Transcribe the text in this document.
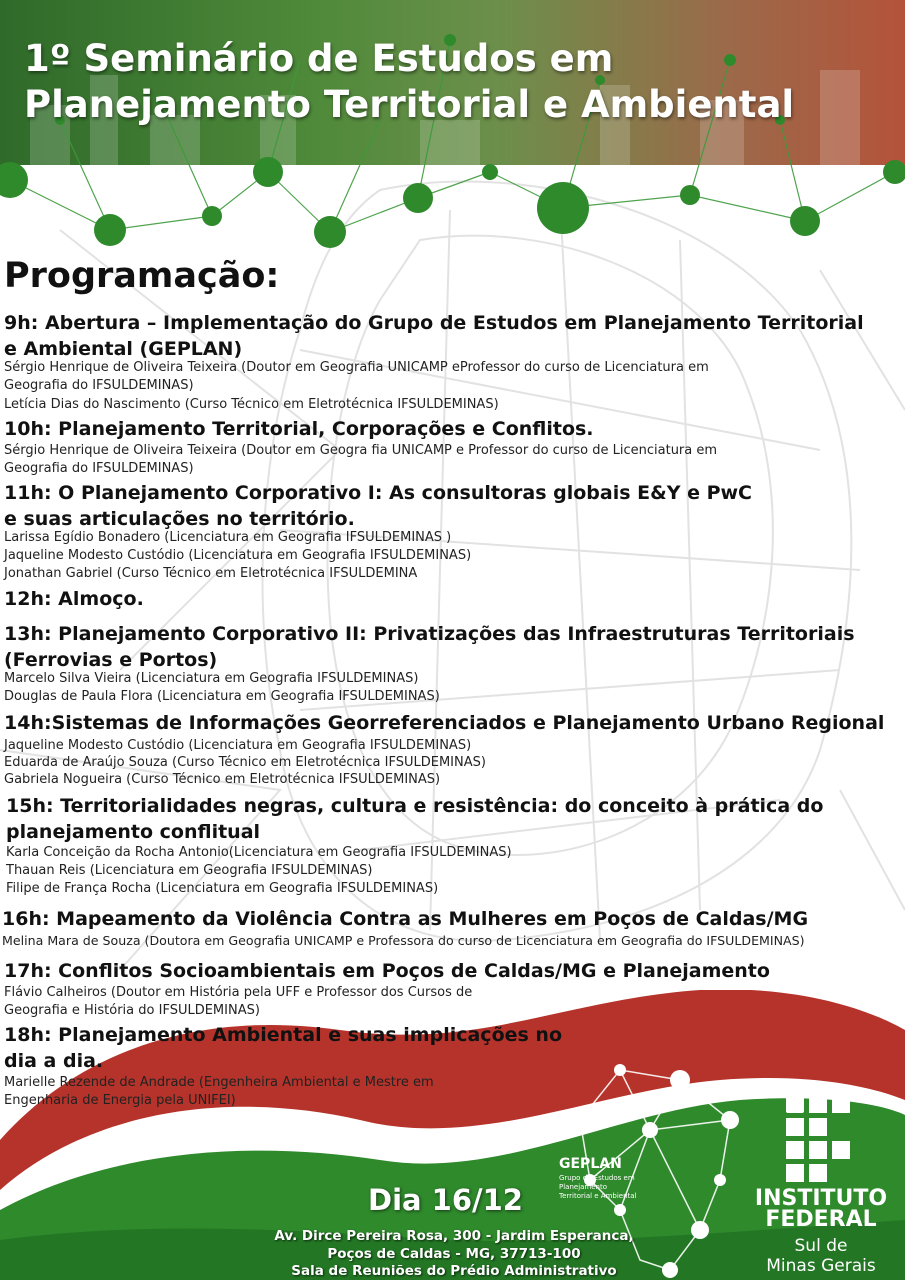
1º Seminário de Estudos em Planejamento Territorial e Ambiental
Programação:

9h: Abertura – Implementação do Grupo de Estudos em Planejamento Territorial e Ambiental (GEPLAN)

Sérgio Henrique de Oliveira Teixeira (Doutor em Geografia UNICAMP eProfessor do curso de Licenciatura em Geografia do IFSULDEMINAS)

Letícia Dias do Nascimento (Curso Técnico em Eletrotécnica IFSULDEMINAS)

10h: Planejamento Territorial, Corporações e Conflitos.

Sérgio Henrique de Oliveira Teixeira (Doutor em Geogra fia UNICAMP e Professor do curso de Licenciatura em Geografia do IFSULDEMINAS)

11h: O Planejamento Corporativo I: As consultoras globais E&Y e PwC e suas articulações no território.

Larissa Egídio Bonadero (Licenciatura em Geografia IFSULDEMINAS )

Jaqueline Modesto Custódio (Licenciatura em Geografia IFSULDEMINAS)

Jonathan Gabriel (Curso Técnico em Eletrotécnica IFSULDEMINA

12h: Almoço.

13h: Planejamento Corporativo II: Privatizações das Infraestruturas Territoriais (Ferrovias e Portos)

Marcelo Silva Vieira (Licenciatura em Geografia IFSULDEMINAS)

Douglas de Paula Flora (Licenciatura em Geografia IFSULDEMINAS)

14h:Sistemas de Informações Georreferenciados e Planejamento Urbano Regional

Jaqueline Modesto Custódio (Licenciatura em Geografia IFSULDEMINAS)

Eduarda de Araújo Souza (Curso Técnico em Eletrotécnica IFSULDEMINAS)

Gabriela Nogueira (Curso Técnico em Eletrotécnica IFSULDEMINAS)

15h: Territorialidades negras, cultura e resistência: do conceito à prática do planejamento conflitual

Karla Conceição da Rocha Antonio(Licenciatura em Geografia IFSULDEMINAS)

Thauan Reis (Licenciatura em Geografia IFSULDEMINAS)

Filipe de França Rocha (Licenciatura em Geografia IFSULDEMINAS)

16h: Mapeamento da Violência Contra as Mulheres em Poços de Caldas/MG

Melina Mara de Souza (Doutora em Geografia UNICAMP e Professora do curso de Licenciatura em Geografia do IFSULDEMINAS)

17h: Conflitos Socioambientais em Poços de Caldas/MG e Planejamento

Flávio Calheiros (Doutor em História pela UFF e Professor dos Cursos de Geografia e História do IFSULDEMINAS)

18h: Planejamento Ambiental e suas implicações no dia a dia.

Marielle Rezende de Andrade (Engenheira Ambiental e Mestre em Engenharia de Energia pela UNIFEI)

GEPLAN
Grupo de Estudos em Planejamento Territorial e Ambiental
Dia 16/12
Av. Dirce Pereira Rosa, 300 - Jardim Esperanca,
Poços de Caldas - MG, 37713-100
Sala de Reuniões do Prédio Administrativo
INSTITUTO
FEDERAL
Sul de
Minas Gerais
